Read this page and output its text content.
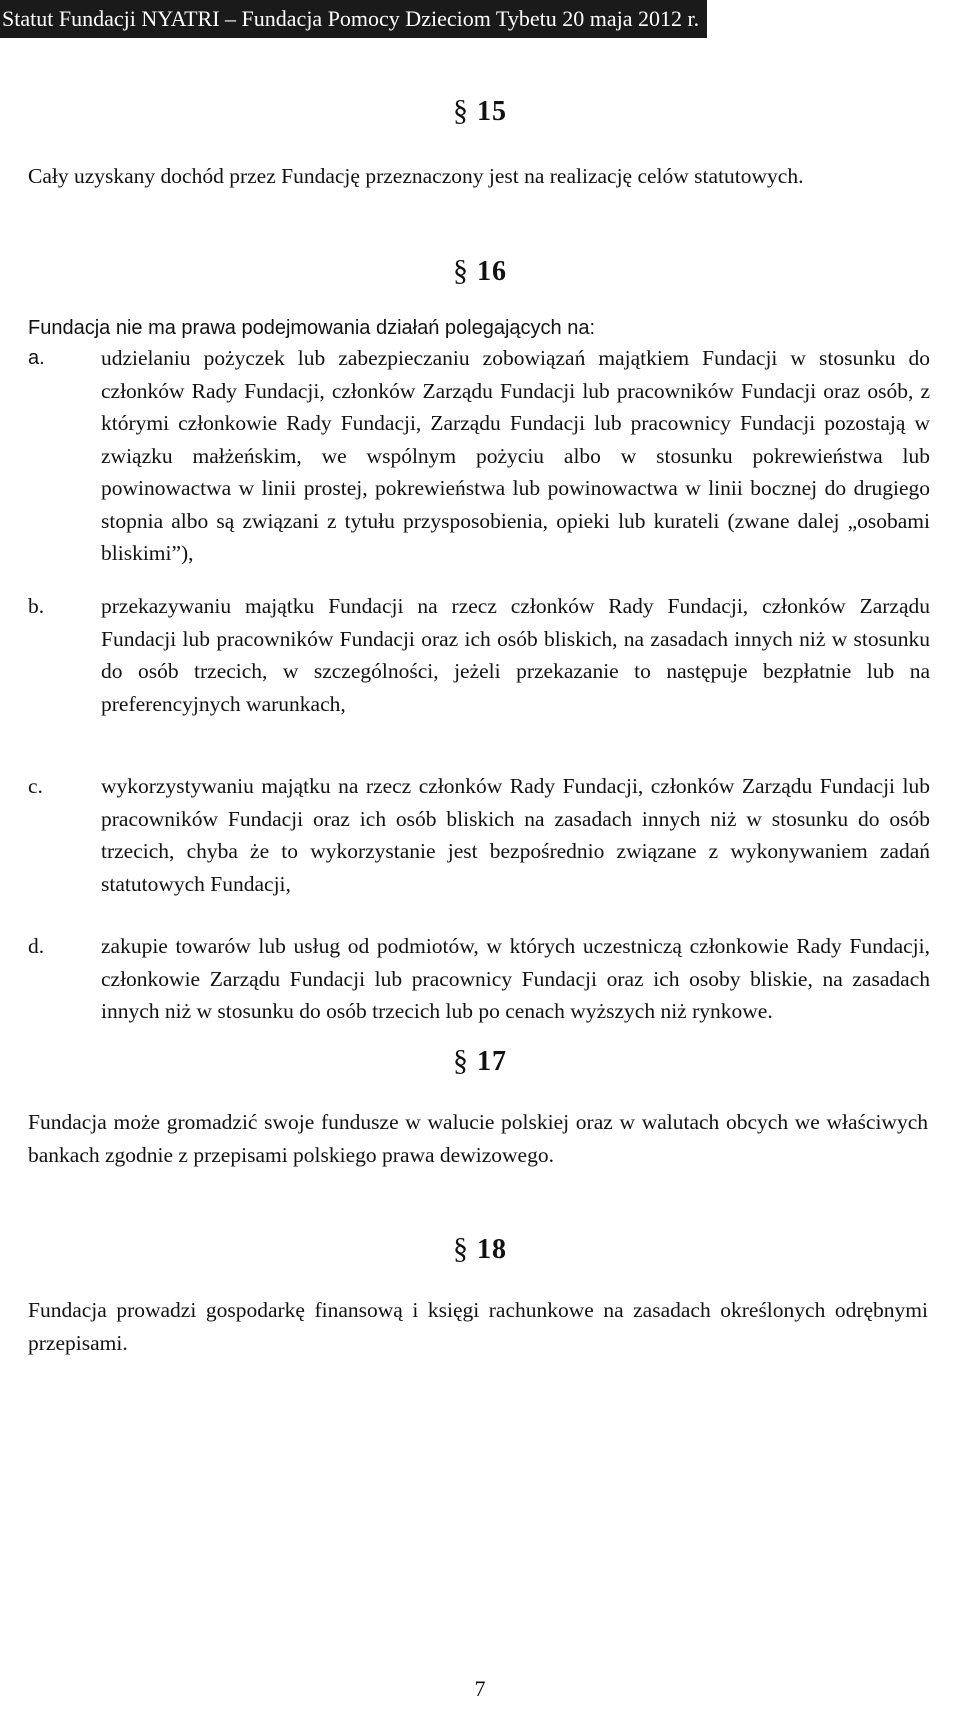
Statut Fundacji NYATRI – Fundacja Pomocy Dzieciom Tybetu 20 maja 2012 r.
§ 15
Cały uzyskany dochód przez Fundację przeznaczony jest na realizację celów statutowych.
§ 16
Fundacja nie ma prawa podejmowania działań polegających na:
a.	udzielaniu pożyczek lub zabezpieczaniu zobowiązań majątkiem Fundacji w stosunku do członków Rady Fundacji, członków Zarządu Fundacji lub pracowników Fundacji oraz osób, z którymi członkowie Rady Fundacji, Zarządu Fundacji lub pracownicy Fundacji pozostają w związku małżeńskim, we wspólnym pożyciu albo w stosunku pokrewieństwa lub powinowactwa w linii prostej, pokrewieństwa lub powinowactwa w linii bocznej do drugiego stopnia albo są związani z tytułu przysposobienia, opieki lub kurateli (zwane dalej „osobami bliskimi”),
b.	przekazywaniu majątku Fundacji na rzecz członków Rady Fundacji, członków Zarządu Fundacji lub pracowników Fundacji oraz ich osób bliskich, na zasadach innych niż w stosunku do osób trzecich, w szczególności, jeżeli przekazanie to następuje bezpłatnie lub na preferencyjnych warunkach,
c.	wykorzystywaniu majątku na rzecz członków Rady Fundacji, członków Zarządu Fundacji lub pracowników Fundacji oraz ich osób bliskich na zasadach innych niż w stosunku do osób trzecich, chyba że to wykorzystanie jest bezpośrednio związane z wykonywaniem zadań statutowych Fundacji,
d.	zakupie towarów lub usług od podmiotów, w których uczestniczą członkowie Rady Fundacji, członkowie Zarządu Fundacji lub pracownicy Fundacji oraz ich osoby bliskie, na zasadach innych niż w stosunku do osób trzecich lub po cenach wyższych niż rynkowe.
§ 17
Fundacja może gromadzić swoje fundusze w walucie polskiej oraz w walutach obcych we właściwych bankach zgodnie z przepisami polskiego prawa dewizowego.
§ 18
Fundacja prowadzi gospodarkę finansową i księgi rachunkowe na zasadach określonych odrębnymi przepisami.
7
